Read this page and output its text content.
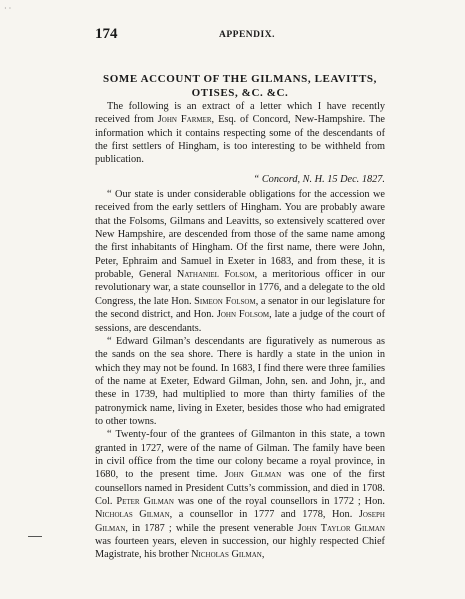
· ·
174	APPENDIX.
SOME ACCOUNT OF THE GILMANS, LEAVITTS,
OTISES, &C. &C.

The following is an extract of a letter which I have recently received from John Farmer, Esq. of Concord, New-Hampshire. The information which it contains respecting some of the descendants of the first settlers of Hingham, is too interesting to be withheld from publication.

“ Concord, N. H. 15 Dec. 1827.

“ Our state is under considerable obligations for the accession we received from the early settlers of Hingham. You are probably aware that the Folsoms, Gilmans and Leavitts, so extensively scattered over New Hampshire, are descended from those of the same name among the first inhabitants of Hingham. Of the first name, there were John, Peter, Ephraim and Samuel in Exeter in 1683, and from these, it is probable, General Nathaniel Folsom, a meritorious officer in our revolutionary war, a state counsellor in 1776, and a delegate to the old Congress, the late Hon. Simeon Folsom, a senator in our legislature for the second district, and Hon. John Folsom, late a judge of the court of sessions, are descendants.

“ Edward Gilman’s descendants are figuratively as numerous as the sands on the sea shore. There is hardly a state in the union in which they may not be found. In 1683, I find there were three families of the name at Exeter, Edward Gilman, John, sen. and John, jr., and these in 1739, had multiplied to more than thirty families of the patronymick name, living in Exeter, besides those who had emigrated to other towns.

“ Twenty-four of the grantees of Gilmanton in this state, a town granted in 1727, were of the name of Gilman. The family have been in civil office from the time our colony became a royal province, in 1680, to the present time. John Gilman was one of the first counsellors named in President Cutts’s commission, and died in 1708. Col. Peter Gilman was one of the royal counsellors in 1772 ; Hon. Nicholas Gilman, a counsellor in 1777 and 1778, Hon. Joseph Gilman, in 1787 ; while the present venerable John Taylor Gilman was fourteen years, eleven in succession, our highly respected Chief Magistrate, his brother Nicholas Gilman,
